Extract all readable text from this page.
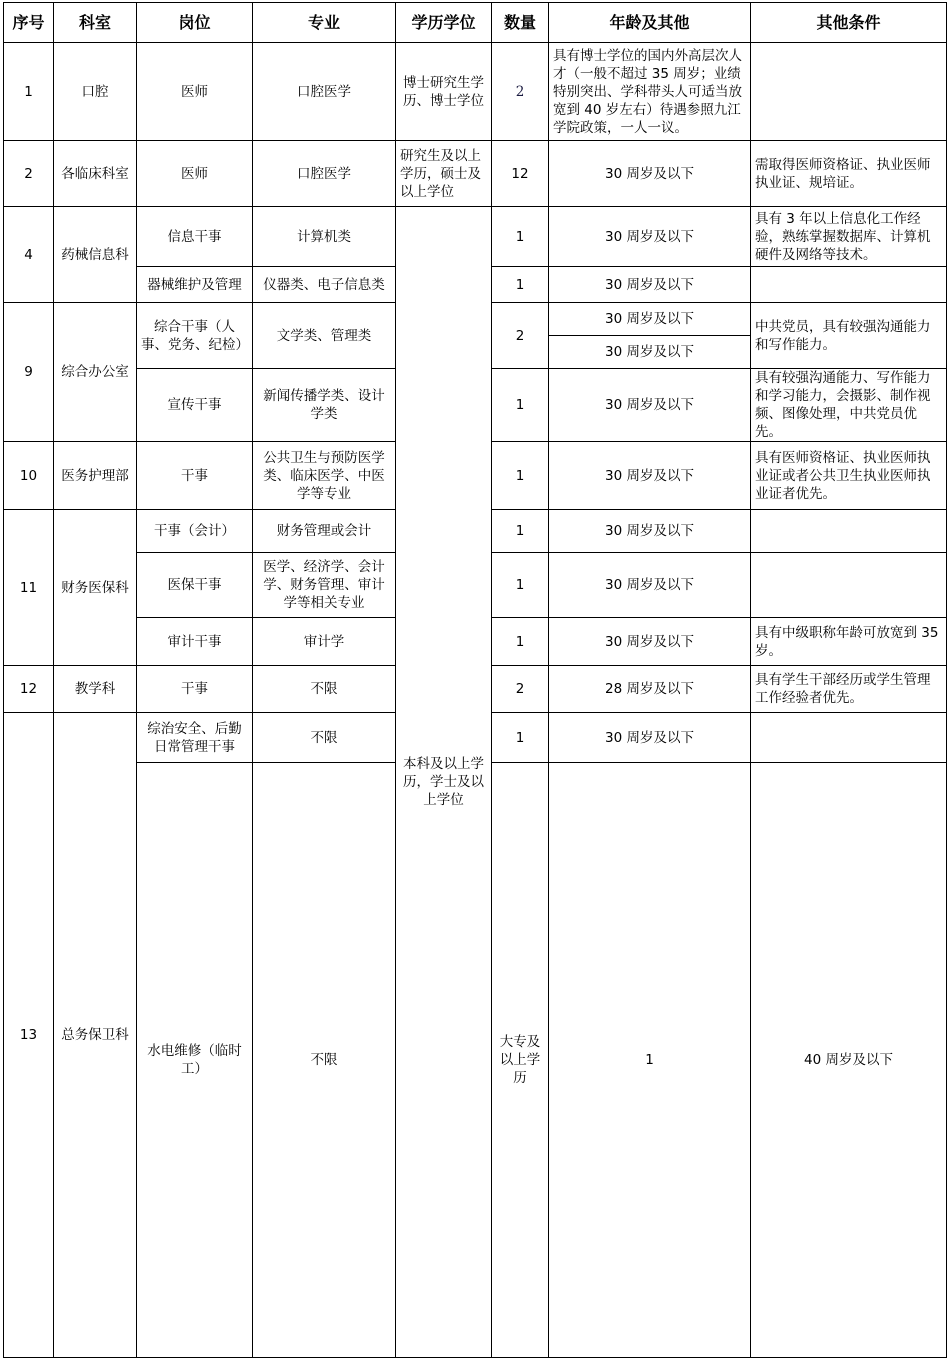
序号	科室	岗位	专业	学历学位	数量	年龄及其他	其他条件	
1	口腔	医师	口腔医学	博士研究生学历、博士学位	2	具有博士学位的国内外高层次人才（一般不超过 35 周岁；业绩特别突出、学科带头人可适当放宽到 40 岁左右）待遇参照九江学院政策，一人一议。		
2	各临床科室	医师	口腔医学	研究生及以上学历，硕士及以上学位	12	30 周岁及以下	需取得医师资格证、执业医师执业证、规培证。	
4	药械信息科	信息干事	计算机类	本科及以上学历，学士及以上学位	1	30 周岁及以下	具有 3 年以上信息化工作经验，熟练掌握数据库、计算机硬件及网络等技术。	
		器械维护及管理	仪器类、电子信息类		1	30 周岁及以下		
9	综合办公室	综合干事（人事、党务、纪检）	文学类、管理类		2	30 周岁及以下	中共党员，具有较强沟通能力和写作能力。	
						30 周岁及以下		
		宣传干事	新闻传播学类、设计学类		1	30 周岁及以下	具有较强沟通能力、写作能力和学习能力，会摄影、制作视频、图像处理，中共党员优先。	
10	医务护理部	干事	公共卫生与预防医学类、临床医学、中医学等专业		1	30 周岁及以下	具有医师资格证、执业医师执业证或者公共卫生执业医师执业证者优先。	
11	财务医保科	干事（会计）	财务管理或会计		1	30 周岁及以下		
		医保干事	医学、经济学、会计学、财务管理、审计学等相关专业		1	30 周岁及以下		
		审计干事	审计学		1	30 周岁及以下	具有中级职称年龄可放宽到 35 岁。	
12	教学科	干事	不限		2	28 周岁及以下	具有学生干部经历或学生管理工作经验者优先。	
13	总务保卫科	综治安全、后勤日常管理干事	不限		1	30 周岁及以下		
		水电维修（临时工）	不限		大专及以上学历	1	40 周岁及以下	
